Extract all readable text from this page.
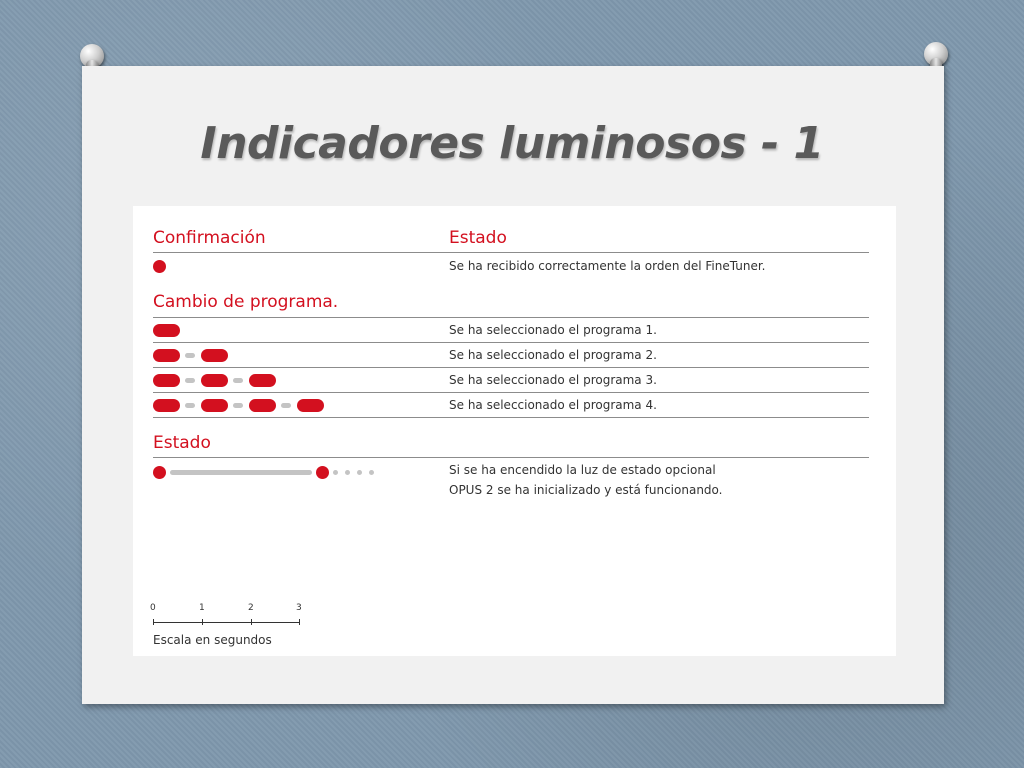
Indicadores luminosos - 1
Confirmación	Estado
Se ha recibido correctamente la orden del FineTuner.
Cambio de programa.
Se ha seleccionado el programa 1.
Se ha seleccionado el programa 2.
Se ha seleccionado el programa 3.
Se ha seleccionado el programa 4.
Estado
Si se ha encendido la luz de estado opcional
OPUS 2 se ha inicializado y está funcionando.
0	1	2	3
Escala en segundos
